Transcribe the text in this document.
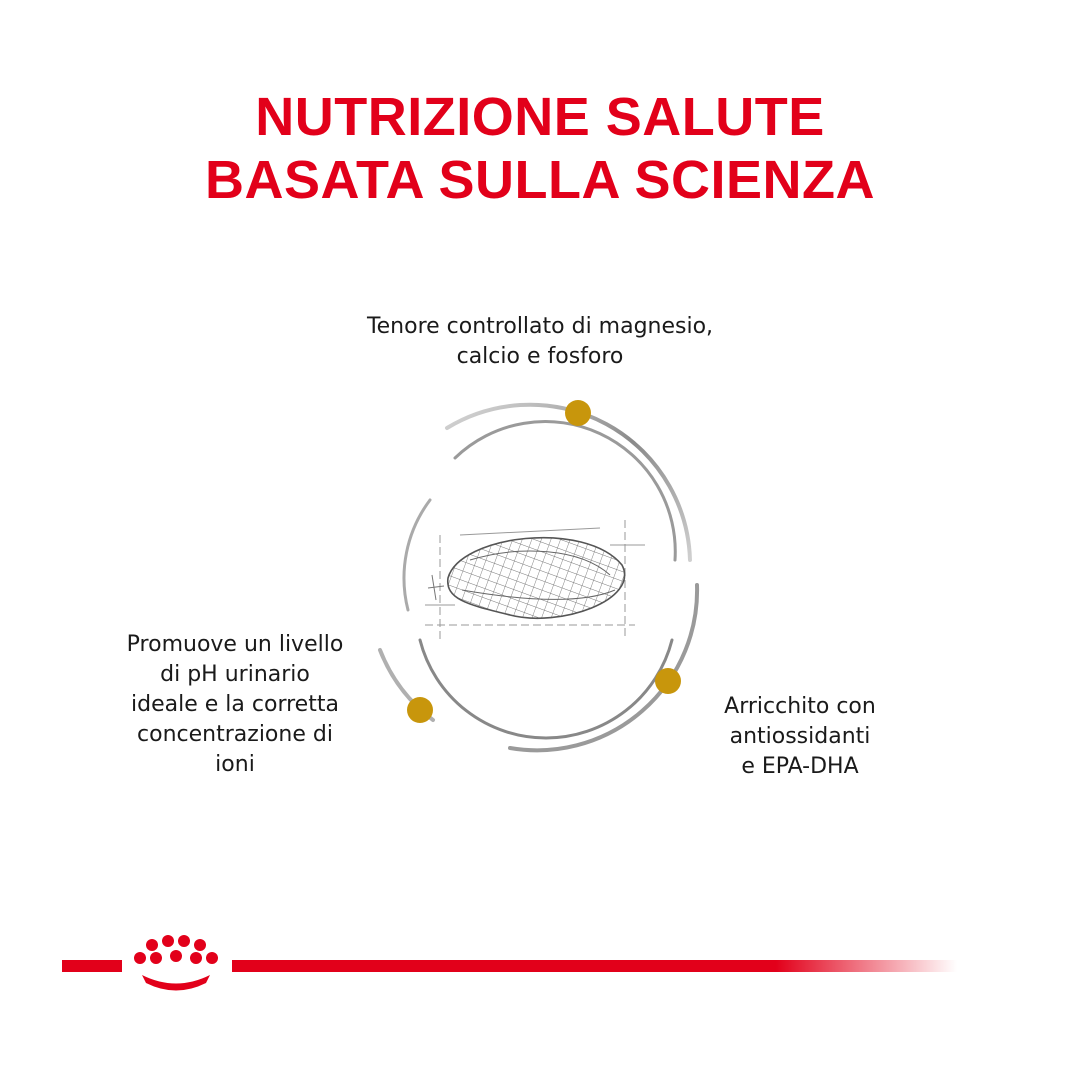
NUTRIZIONE SALUTE
BASATA SULLA SCIENZA
Tenore controllato di magnesio,
calcio e fosforo
Promuove un livello
di pH urinario
ideale e la corretta
concentrazione di
ioni
Arricchito con
antiossidanti
e EPA-DHA
